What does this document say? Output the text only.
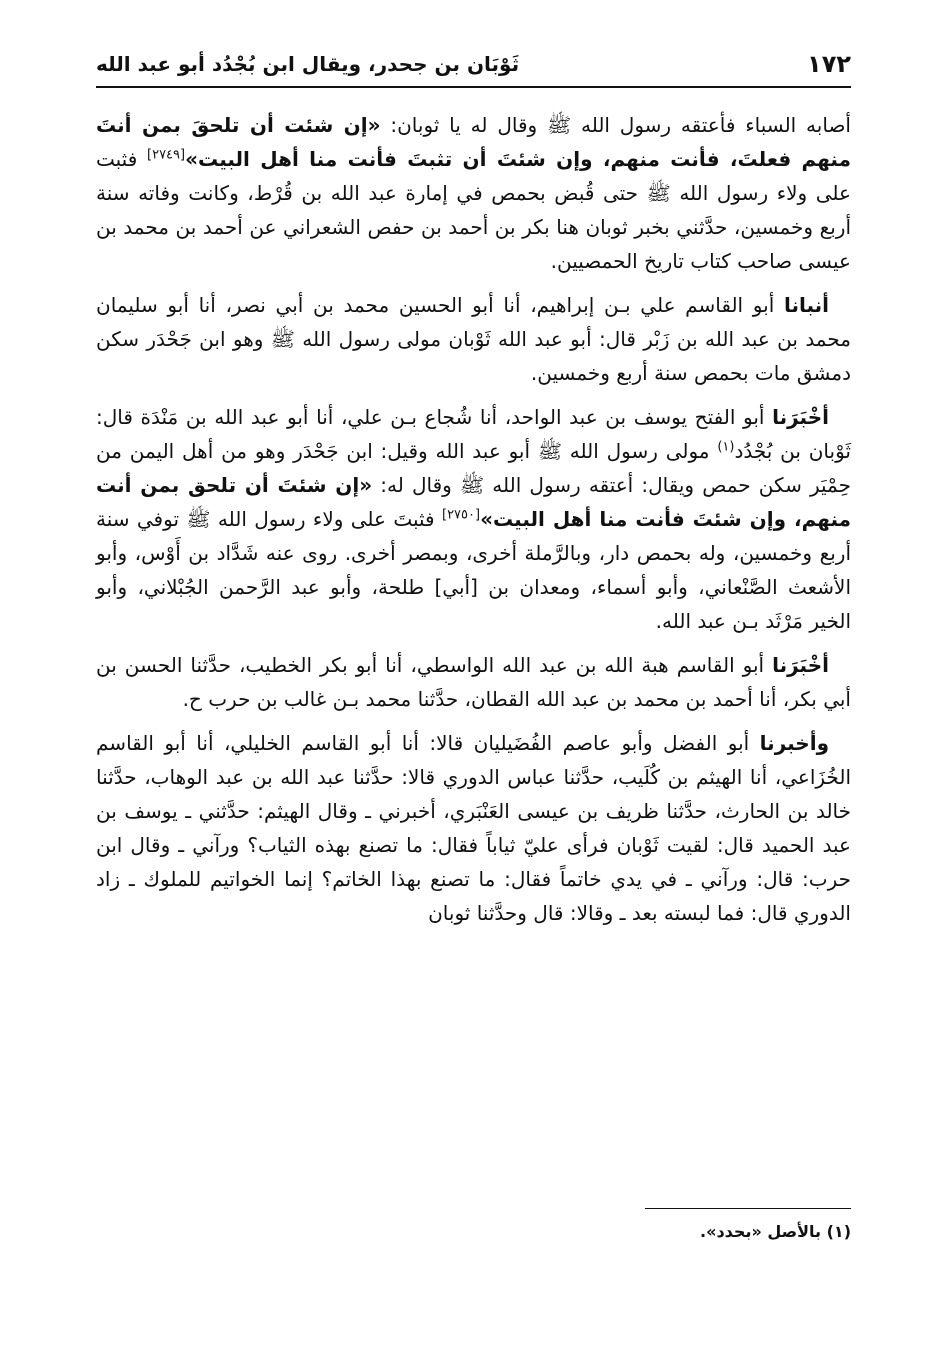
١٧٢
ثَوْبَان بن جحدر، ويقال ابن بُجْدُد أبو عبد الله

أصابه السباء فأعتقه رسول الله ﷺ وقال له يا ثوبان: «إن شئت أن تلحقَ بمن أنتَ منهم فعلتَ، فأنت منهم، وإن شئتَ أن تثبتَ فأنت منا أهل البيت»[٢٧٤٩] فثبت على ولاء رسول الله ﷺ حتى قُبض بحمص في إمارة عبد الله بن قُرْط، وكانت وفاته سنة أربع وخمسين، حدَّثني بخبر ثوبان هنا بكر بن أحمد بن حفص الشعراني عن أحمد بن محمد بن عيسى صاحب كتاب تاريخ الحمصيين.

أنبانا أبو القاسم علي بـن إبراهيم، أنا أبو الحسين محمد بن أبي نصر، أنا أبو سليمان محمد بن عبد الله بن زَبْر قال: أبو عبد الله ثَوْبان مولى رسول الله ﷺ وهو ابن جَحْدَر سكن دمشق مات بحمص سنة أربع وخمسين.

أخْبَرَنا أبو الفتح يوسف بن عبد الواحد، أنا شُجاع بـن علي، أنا أبو عبد الله بن مَنْدَة قال: ثَوْبان بن بُجْدُد$^{(١)}$ مولى رسول الله ﷺ أبو عبد الله وقيل: ابن جَحْدَر وهو من أهل اليمن من حِمْيَر سكن حمص ويقال: أعتقه رسول الله ﷺ وقال له: «إن شئتَ أن تلحق بمن أنت منهم، وإن شئتَ فأنت منا أهل البيت»[٢٧٥٠] فثبتَ على ولاء رسول الله ﷺ توفي سنة أربع وخمسين، وله بحمص دار، وبالرَّملة أخرى، وبمصر أخرى. روى عنه شَدَّاد بن أَوْس، وأبو الأشعث الصَّنْعاني، وأبو أسماء، ومعدان بن [أبي] طلحة، وأبو عبد الرَّحمن الجُبْلاني، وأبو الخير مَرْثَد بـن عبد الله.

أخْبَرَنا أبو القاسم هبة الله بن عبد الله الواسطي، أنا أبو بكر الخطيب، حدَّثنا الحسن بن أبي بكر، أنا أحمد بن محمد بن عبد الله القطان، حدَّثنا محمد بـن غالب بن حرب ح.

وأخبرنا أبو الفضل وأبو عاصم الفُضَيليان قالا: أنا أبو القاسم الخليلي، أنا أبو القاسم الخُزَاعي، أنا الهيثم بن كُلَيب، حدَّثنا عباس الدوري قالا: حدَّثنا عبد الله بن عبد الوهاب، حدَّثنا خالد بن الحارث، حدَّثنا ظريف بن عيسى العَنْبَري، أخبرني ـ وقال الهيثم: حدَّثني ـ يوسف بن عبد الحميد قال: لقيت ثَوْبان فرأى عليّ ثياباً فقال: ما تصنع بهذه الثياب؟ ورآني ـ وقال ابن حرب: قال: ورآني ـ في يدي خاتماً فقال: ما تصنع بهذا الخاتم؟ إنما الخواتيم للملوك ـ زاد الدوري قال: فما لبسته بعد ـ وقالا: قال وحدَّثنا ثوبان

(١) بالأصل «بحدد».
